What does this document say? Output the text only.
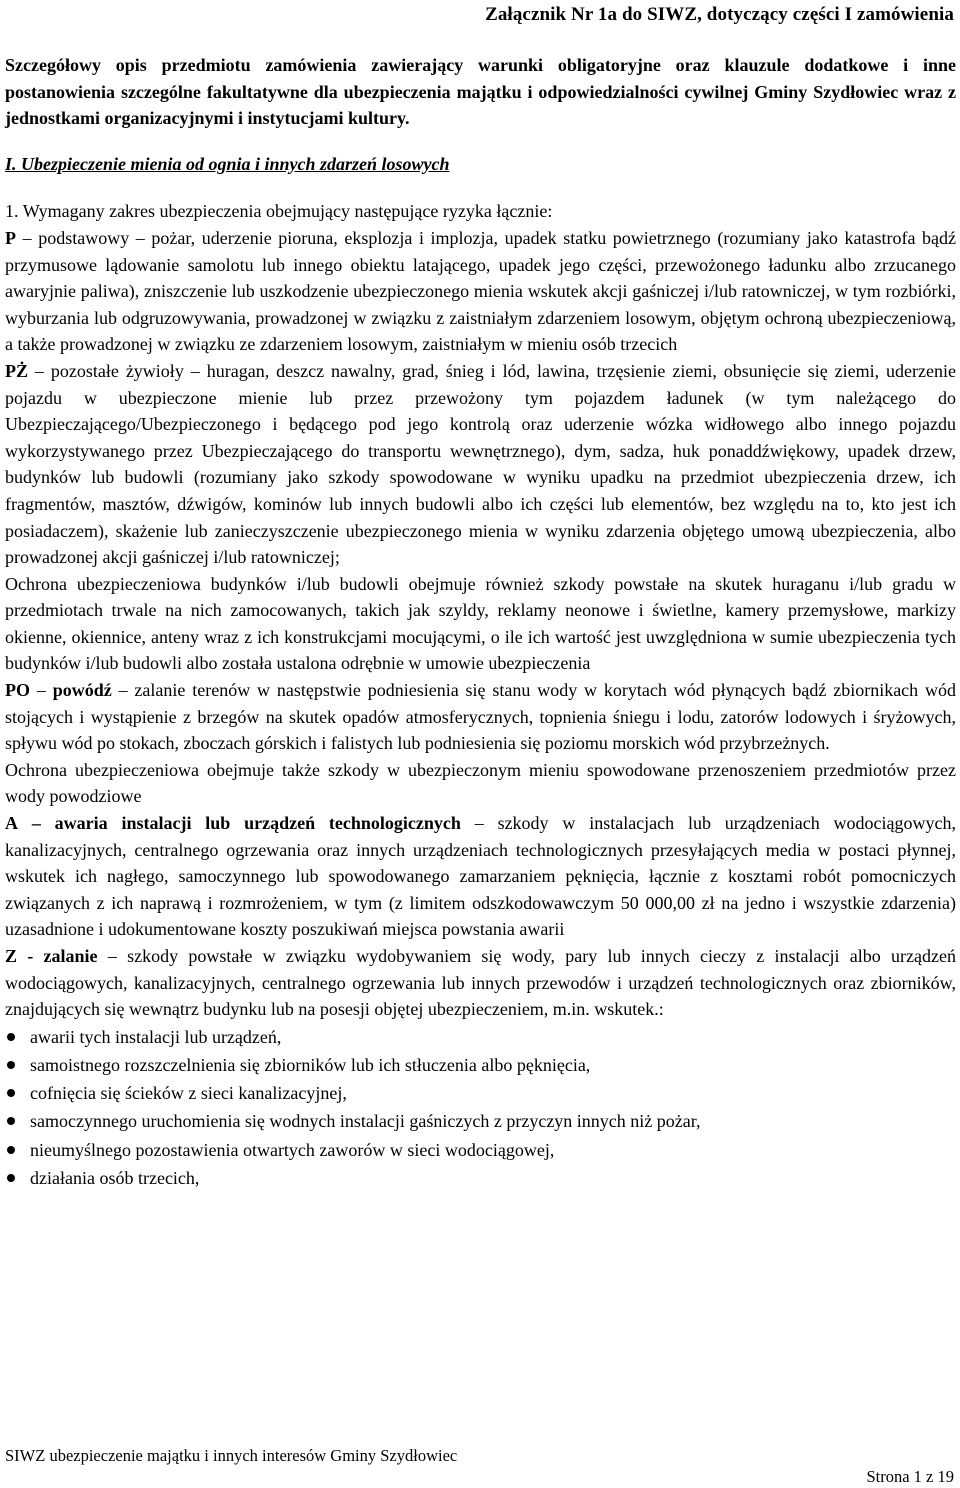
Załącznik Nr 1a do SIWZ, dotyczący części I zamówienia

Szczegółowy opis przedmiotu zamówienia zawierający warunki obligatoryjne oraz klauzule dodatkowe i inne postanowienia szczególne fakultatywne dla ubezpieczenia majątku i odpowiedzialności cywilnej Gminy Szydłowiec wraz z jednostkami organizacyjnymi i instytucjami kultury.

I. Ubezpieczenie mienia od ognia i innych zdarzeń losowych

1. Wymagany zakres ubezpieczenia obejmujący następujące ryzyka łącznie:

P – podstawowy – pożar, uderzenie pioruna, eksplozja i implozja, upadek statku powietrznego (rozumiany jako katastrofa bądź przymusowe lądowanie samolotu lub innego obiektu latającego, upadek jego części, przewożonego ładunku albo zrzucanego awaryjnie paliwa), zniszczenie lub uszkodzenie ubezpieczonego mienia wskutek akcji gaśniczej i/lub ratowniczej, w tym rozbiórki, wyburzania lub odgruzowywania, prowadzonej w związku z zaistniałym zdarzeniem losowym, objętym ochroną ubezpieczeniową, a także prowadzonej w związku ze zdarzeniem losowym, zaistniałym w mieniu osób trzecich

PŻ – pozostałe żywioły – huragan, deszcz nawalny, grad, śnieg i lód, lawina, trzęsienie ziemi, obsunięcie się ziemi, uderzenie pojazdu w ubezpieczone mienie lub przez przewożony tym pojazdem ładunek (w tym należącego do Ubezpieczającego/Ubezpieczonego i będącego pod jego kontrolą oraz uderzenie wózka widłowego albo innego pojazdu wykorzystywanego przez Ubezpieczającego do transportu wewnętrznego), dym, sadza, huk ponaddźwiękowy, upadek drzew, budynków lub budowli (rozumiany jako szkody spowodowane w wyniku upadku na przedmiot ubezpieczenia drzew, ich fragmentów, masztów, dźwigów, kominów lub innych budowli albo ich części lub elementów, bez względu na to, kto jest ich posiadaczem), skażenie lub zanieczyszczenie ubezpieczonego mienia w wyniku zdarzenia objętego umową ubezpieczenia, albo prowadzonej akcji gaśniczej i/lub ratowniczej;

Ochrona ubezpieczeniowa budynków i/lub budowli obejmuje również szkody powstałe na skutek huraganu i/lub gradu w przedmiotach trwale na nich zamocowanych, takich jak szyldy, reklamy neonowe i świetlne, kamery przemysłowe, markizy okienne, okiennice, anteny wraz z ich konstrukcjami mocującymi, o ile ich wartość jest uwzględniona w sumie ubezpieczenia tych budynków i/lub budowli albo została ustalona odrębnie w umowie ubezpieczenia

PO – powódź – zalanie terenów w następstwie podniesienia się stanu wody w korytach wód płynących bądź zbiornikach wód stojących i wystąpienie z brzegów na skutek opadów atmosferycznych, topnienia śniegu i lodu, zatorów lodowych i śryżowych, spływu wód po stokach, zboczach górskich i falistych lub podniesienia się poziomu morskich wód przybrzeżnych.

Ochrona ubezpieczeniowa obejmuje także szkody w ubezpieczonym mieniu spowodowane przenoszeniem przedmiotów przez wody powodziowe

A – awaria instalacji lub urządzeń technologicznych – szkody w instalacjach lub urządzeniach wodociągowych, kanalizacyjnych, centralnego ogrzewania oraz innych urządzeniach technologicznych przesyłających media w postaci płynnej, wskutek ich nagłego, samoczynnego lub spowodowanego zamarzaniem pęknięcia, łącznie z kosztami robót pomocniczych związanych z ich naprawą i rozmrożeniem, w tym (z limitem odszkodowawczym 50 000,00 zł na jedno i wszystkie zdarzenia) uzasadnione i udokumentowane koszty poszukiwań miejsca powstania awarii

Z - zalanie – szkody powstałe w związku wydobywaniem się wody, pary lub innych cieczy z instalacji albo urządzeń wodociągowych, kanalizacyjnych, centralnego ogrzewania lub innych przewodów i urządzeń technologicznych oraz zbiorników, znajdujących się wewnątrz budynku lub na posesji objętej ubezpieczeniem, m.in. wskutek.:

awarii tych instalacji lub urządzeń,
samoistnego rozszczelnienia się zbiorników lub ich stłuczenia albo pęknięcia,
cofnięcia się ścieków z sieci kanalizacyjnej,
samoczynnego uruchomienia się wodnych instalacji gaśniczych z przyczyn innych niż pożar,
nieumyślnego pozostawienia otwartych zaworów w sieci wodociągowej,
działania osób trzecich,
SIWZ ubezpieczenie majątku i innych interesów Gminy Szydłowiec
Strona 1 z 19
